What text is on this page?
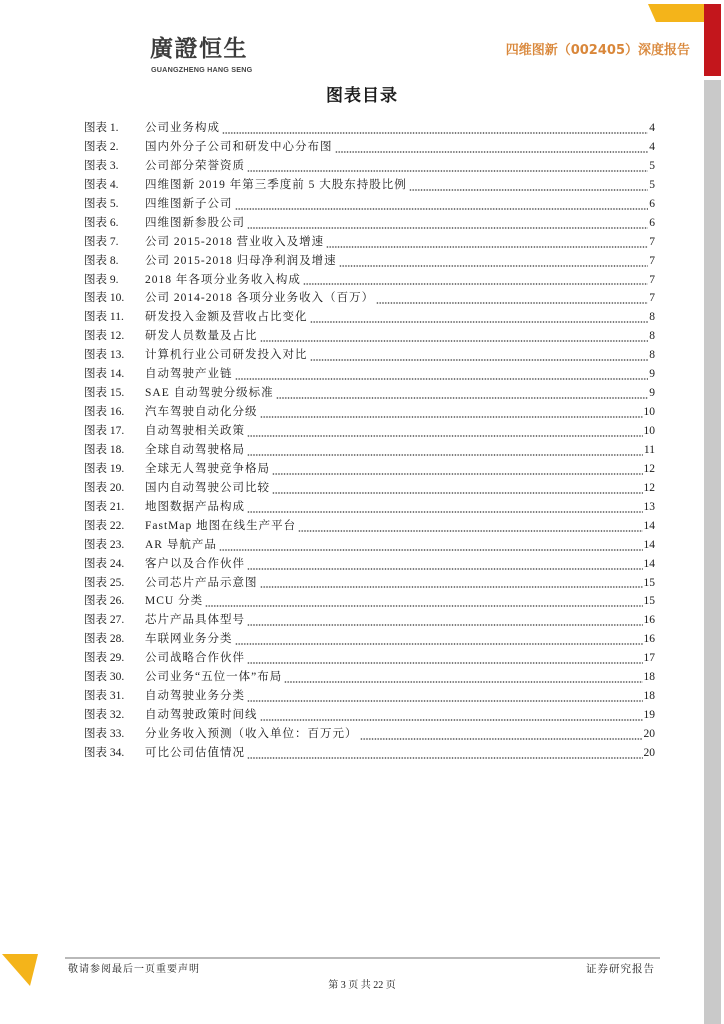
廣證恒生
GUANGZHENG HANG SENG
四维图新（002405）深度报告
图表目录
图表 1.	公司业务构成	4
图表 2.	国内外分子公司和研发中心分布图	4
图表 3.	公司部分荣誉资质	5
图表 4.	四维图新 2019 年第三季度前 5 大股东持股比例	5
图表 5.	四维图新子公司	6
图表 6.	四维图新参股公司	6
图表 7.	公司 2015-2018 营业收入及增速	7
图表 8.	公司 2015-2018 归母净利润及增速	7
图表 9.	2018 年各项分业务收入构成	7
图表 10.	公司 2014-2018 各项分业务收入（百万）	7
图表 11.	研发投入金额及营收占比变化	8
图表 12.	研发人员数量及占比	8
图表 13.	计算机行业公司研发投入对比	8
图表 14.	自动驾驶产业链	9
图表 15.	SAE 自动驾驶分级标准	9
图表 16.	汽车驾驶自动化分级	10
图表 17.	自动驾驶相关政策	10
图表 18.	全球自动驾驶格局	11
图表 19.	全球无人驾驶竞争格局	12
图表 20.	国内自动驾驶公司比较	12
图表 21.	地图数据产品构成	13
图表 22.	FastMap 地图在线生产平台	14
图表 23.	AR 导航产品	14
图表 24.	客户以及合作伙伴	14
图表 25.	公司芯片产品示意图	15
图表 26.	MCU 分类	15
图表 27.	芯片产品具体型号	16
图表 28.	车联网业务分类	16
图表 29.	公司战略合作伙伴	17
图表 30.	公司业务“五位一体”布局	18
图表 31.	自动驾驶业务分类	18
图表 32.	自动驾驶政策时间线	19
图表 33.	分业务收入预测（收入单位：百万元）	20
图表 34.	可比公司估值情况	20
敬请参阅最后一页重要声明	证券研究报告
第 3 页 共 22 页
